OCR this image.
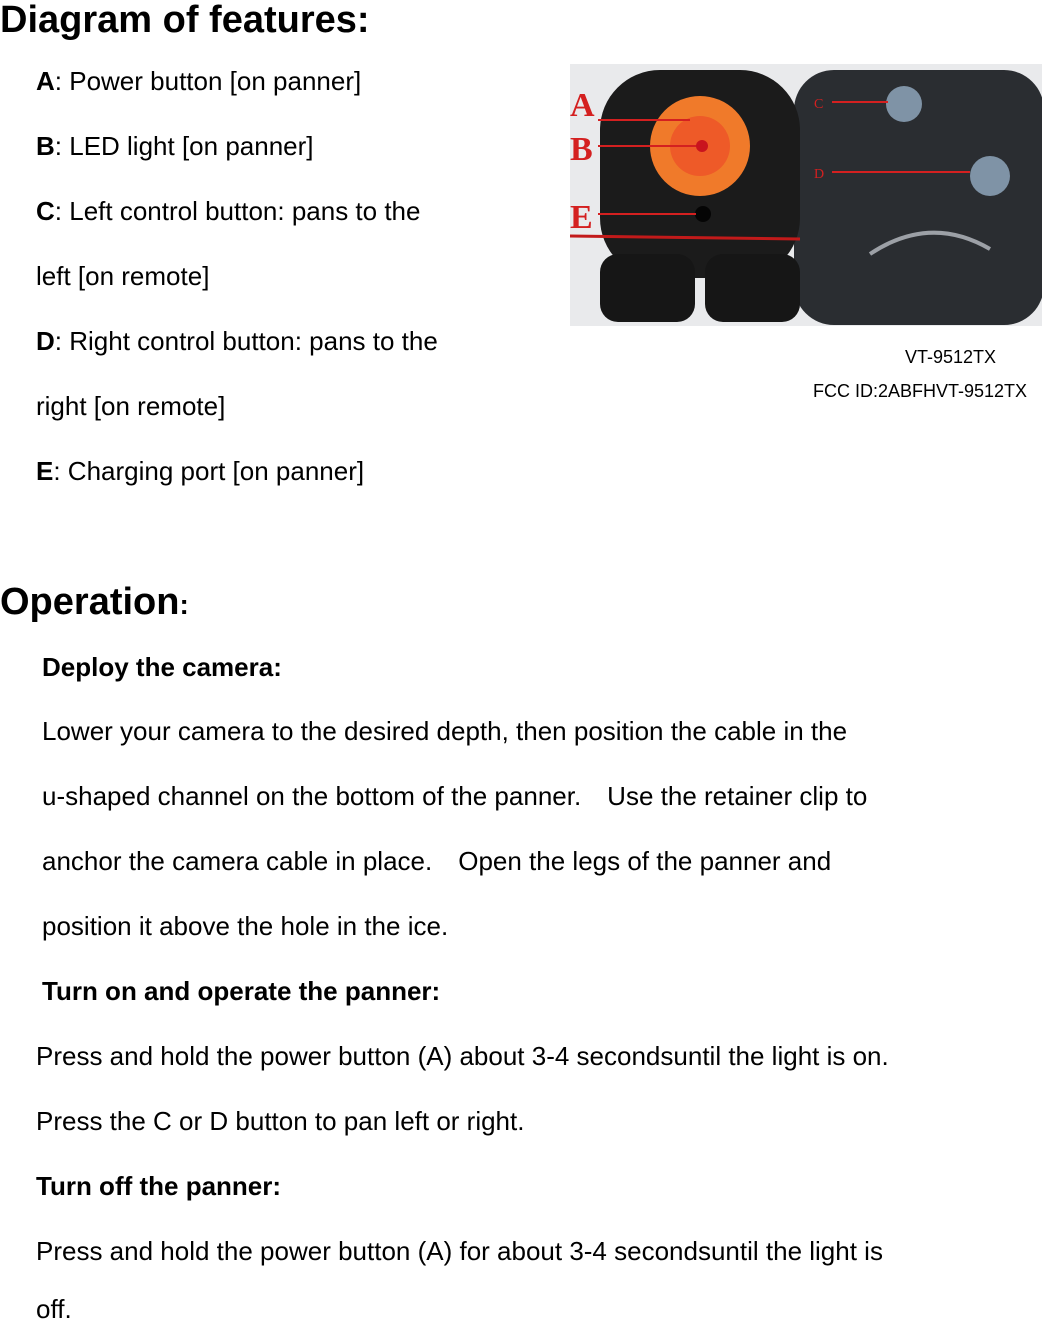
Diagram of features:
A: Power button [on panner]
B: LED light [on panner]
C: Left control button: pans to the
left [on remote]
D: Right control button: pans to the
right [on remote]
E: Charging port [on panner]
A
B
E
C
D
VT-9512TX
FCC ID:2ABFHVT-9512TX
Operation:
Deploy the camera:
Lower your camera to the desired depth, then position the cable in the
u-shaped channel on the bottom of the panner.　Use the retainer clip to
anchor the camera cable in place.　Open the legs of the panner and
position it above the hole in the ice.
Turn on and operate the panner:
Press and hold the power button (A) about 3-4 secondsuntil the light is on.
Press the C or D button to pan left or right.
Turn off the panner:
Press and hold the power button (A) for about 3-4 secondsuntil the light is
off.
